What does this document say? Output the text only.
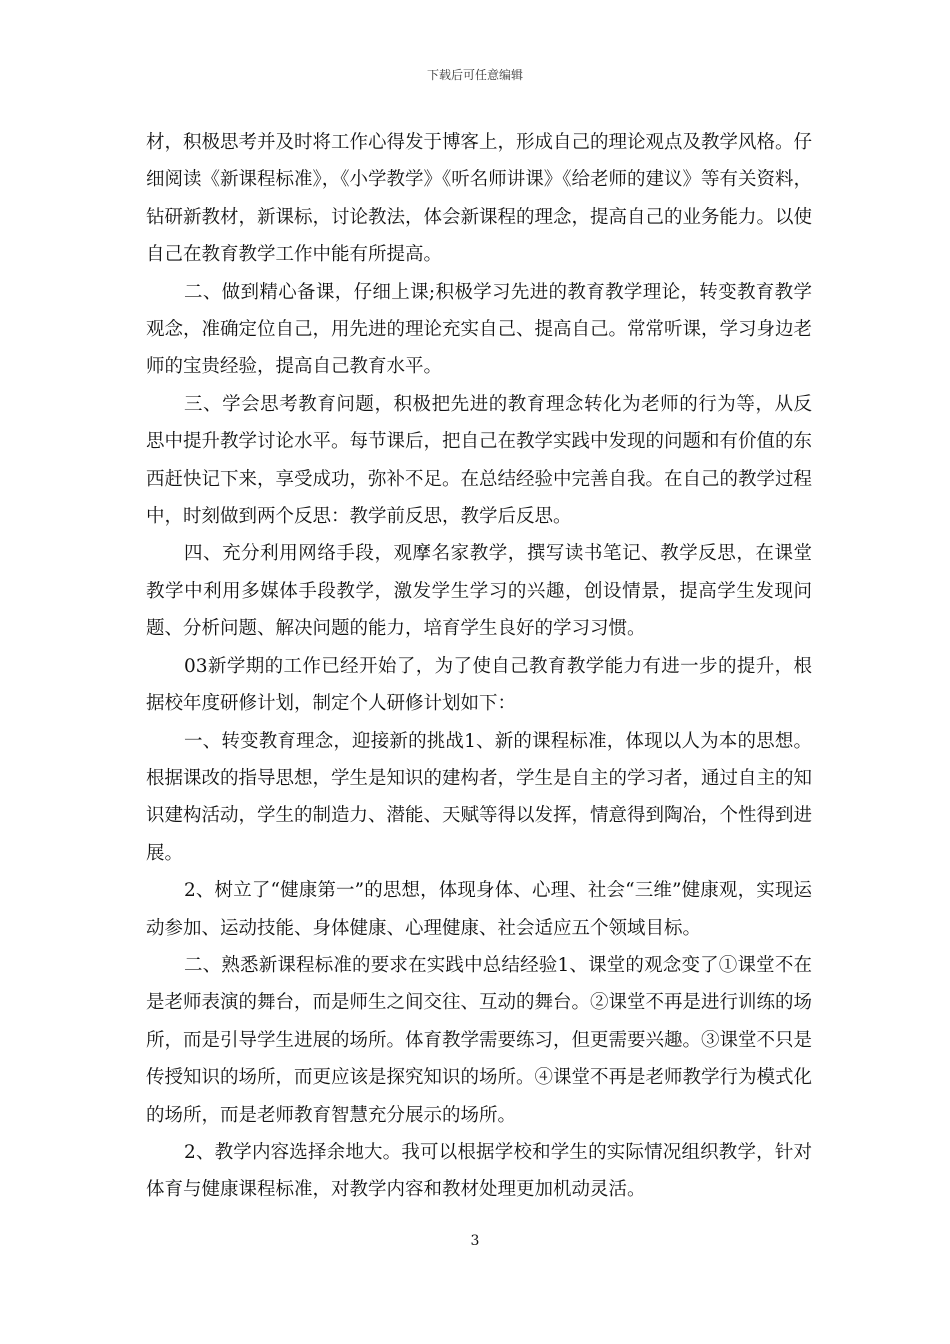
下载后可任意编辑

材，积极思考并及时将工作心得发于博客上，形成自己的理论观点及教学风格。仔细阅读《新课程标准》，《小学教学》《听名师讲课》《给老师的建议》等有关资料，钻研新教材，新课标，讨论教法，体会新课程的理念，提高自己的业务能力。以使自己在教育教学工作中能有所提高。

二、做到精心备课，仔细上课;积极学习先进的教育教学理论，转变教育教学观念，准确定位自己，用先进的理论充实自己、提高自己。常常听课，学习身边老师的宝贵经验，提高自己教育水平。

三、学会思考教育问题，积极把先进的教育理念转化为老师的行为等，从反思中提升教学讨论水平。每节课后，把自己在教学实践中发现的问题和有价值的东西赶快记下来，享受成功，弥补不足。在总结经验中完善自我。在自己的教学过程中，时刻做到两个反思：教学前反思，教学后反思。

四、充分利用网络手段，观摩名家教学，撰写读书笔记、教学反思，在课堂教学中利用多媒体手段教学，激发学生学习的兴趣，创设情景，提高学生发现问题、分析问题、解决问题的能力，培育学生良好的学习习惯。

03新学期的工作已经开始了，为了使自己教育教学能力有进一步的提升，根据校年度研修计划，制定个人研修计划如下：

一、转变教育理念，迎接新的挑战1、新的课程标准，体现以人为本的思想。根据课改的指导思想，学生是知识的建构者，学生是自主的学习者，通过自主的知识建构活动，学生的制造力、潜能、天赋等得以发挥，情意得到陶冶，个性得到进展。

2、树立了“健康第一”的思想，体现身体、心理、社会“三维”健康观，实现运动参加、运动技能、身体健康、心理健康、社会适应五个领域目标。

二、熟悉新课程标准的要求在实践中总结经验1、课堂的观念变了①课堂不在是老师表演的舞台，而是师生之间交往、互动的舞台。②课堂不再是进行训练的场所，而是引导学生进展的场所。体育教学需要练习，但更需要兴趣。③课堂不只是传授知识的场所，而更应该是探究知识的场所。④课堂不再是老师教学行为模式化的场所，而是老师教育智慧充分展示的场所。

2、教学内容选择余地大。我可以根据学校和学生的实际情况组织教学，针对体育与健康课程标准，对教学内容和教材处理更加机动灵活。

3
